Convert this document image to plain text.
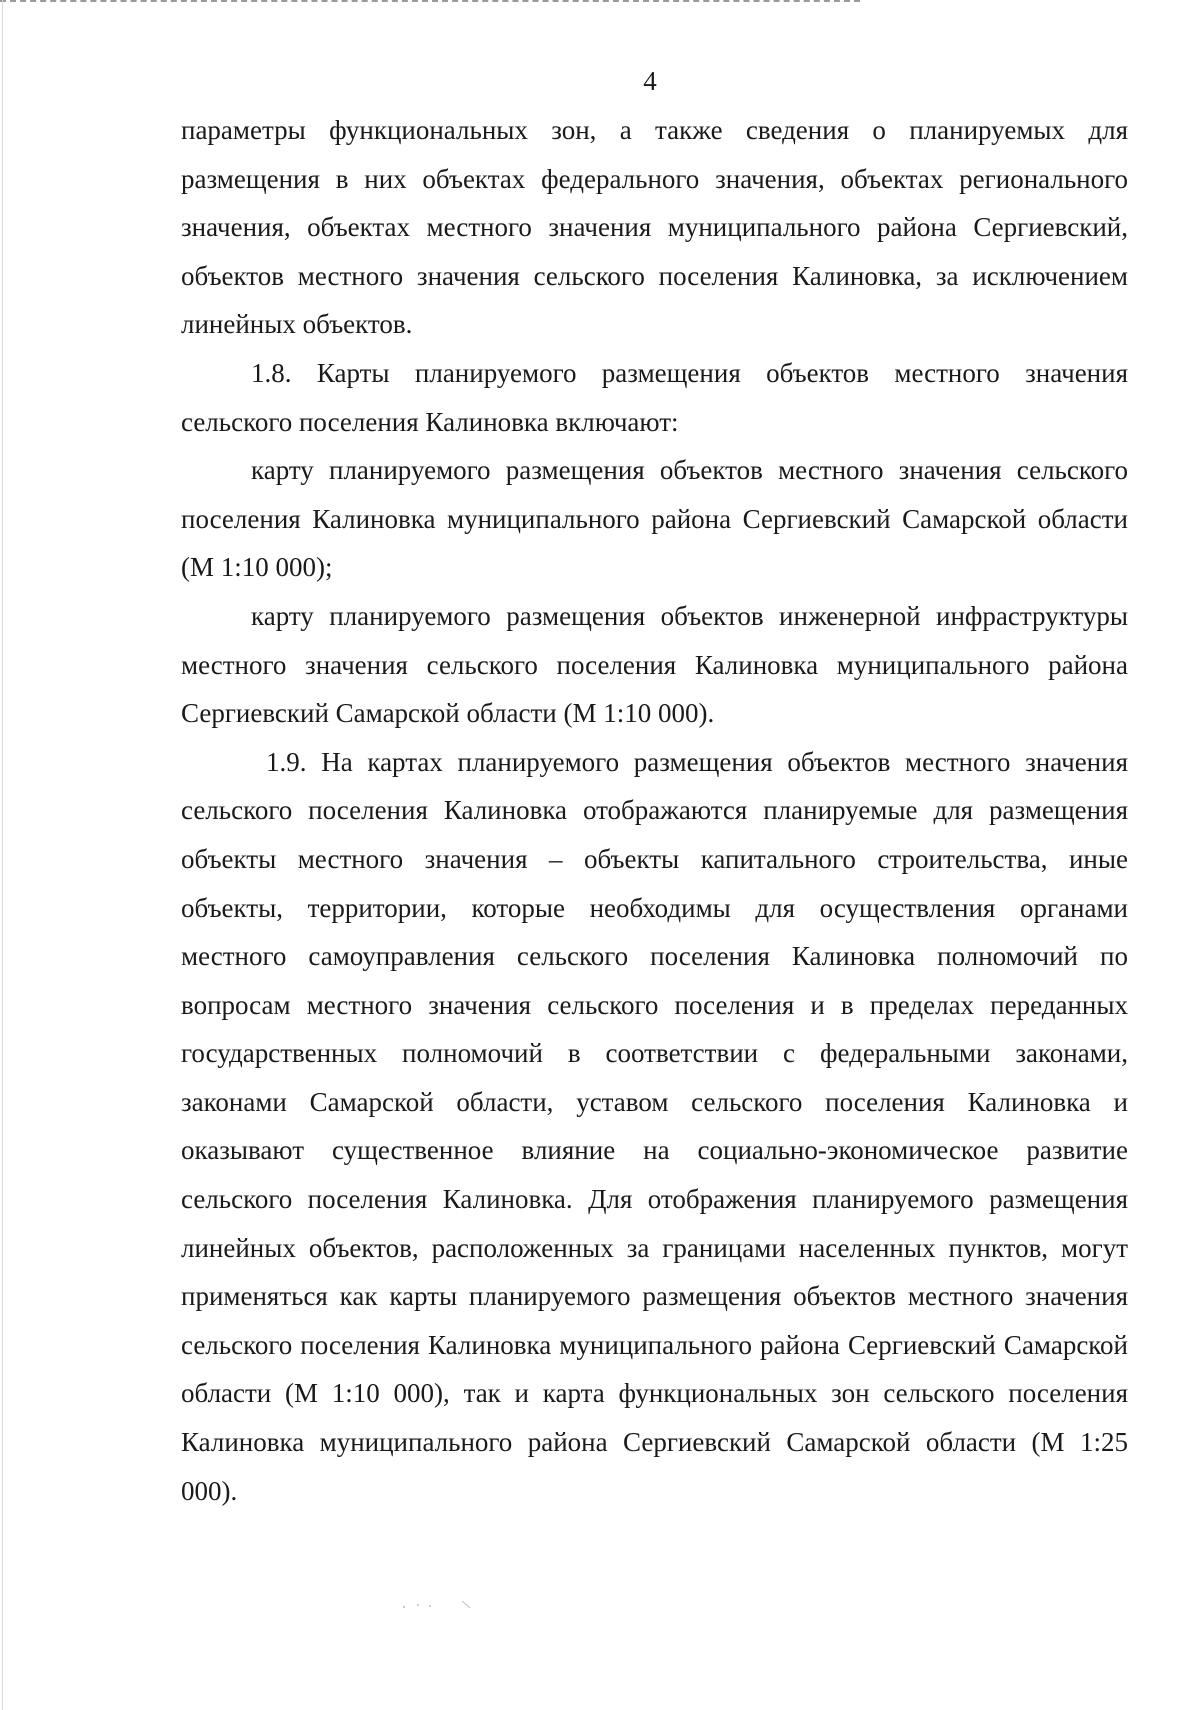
4

параметры функциональных зон, а также сведения о планируемых для размещения в них объектах федерального значения, объектах регионального значения, объектах местного значения муниципального района Сергиевский, объектов местного значения сельского поселения Калиновка, за исключением линейных объектов.

1.8. Карты планируемого размещения объектов местного значения сельского поселения Калиновка включают:

карту планируемого размещения объектов местного значения сельского поселения Калиновка муниципального района Сергиевский Самарской области (М 1:10 000);

карту планируемого размещения объектов инженерной инфраструктуры местного значения сельского поселения Калиновка муниципального района Сергиевский Самарской области (М 1:10 000).

1.9. На картах планируемого размещения объектов местного значения сельского поселения Калиновка отображаются планируемые для размещения объекты местного значения – объекты капитального строительства, иные объекты, территории, которые необходимы для осуществления органами местного самоуправления сельского поселения Калиновка полномочий по вопросам местного значения сельского поселения и в пределах переданных государственных полномочий в соответствии с федеральными законами, законами Самарской области, уставом сельского поселения Калиновка и оказывают существенное влияние на социально-экономическое развитие сельского поселения Калиновка. Для отображения планируемого размещения линейных объектов, расположенных за границами населенных пунктов, могут применяться как карты планируемого размещения объектов местного значения сельского поселения Калиновка муниципального района Сергиевский Самарской области (М 1:10 000), так и карта функциональных зон сельского поселения Калиновка муниципального района Сергиевский Самарской области (М 1:25 000).
